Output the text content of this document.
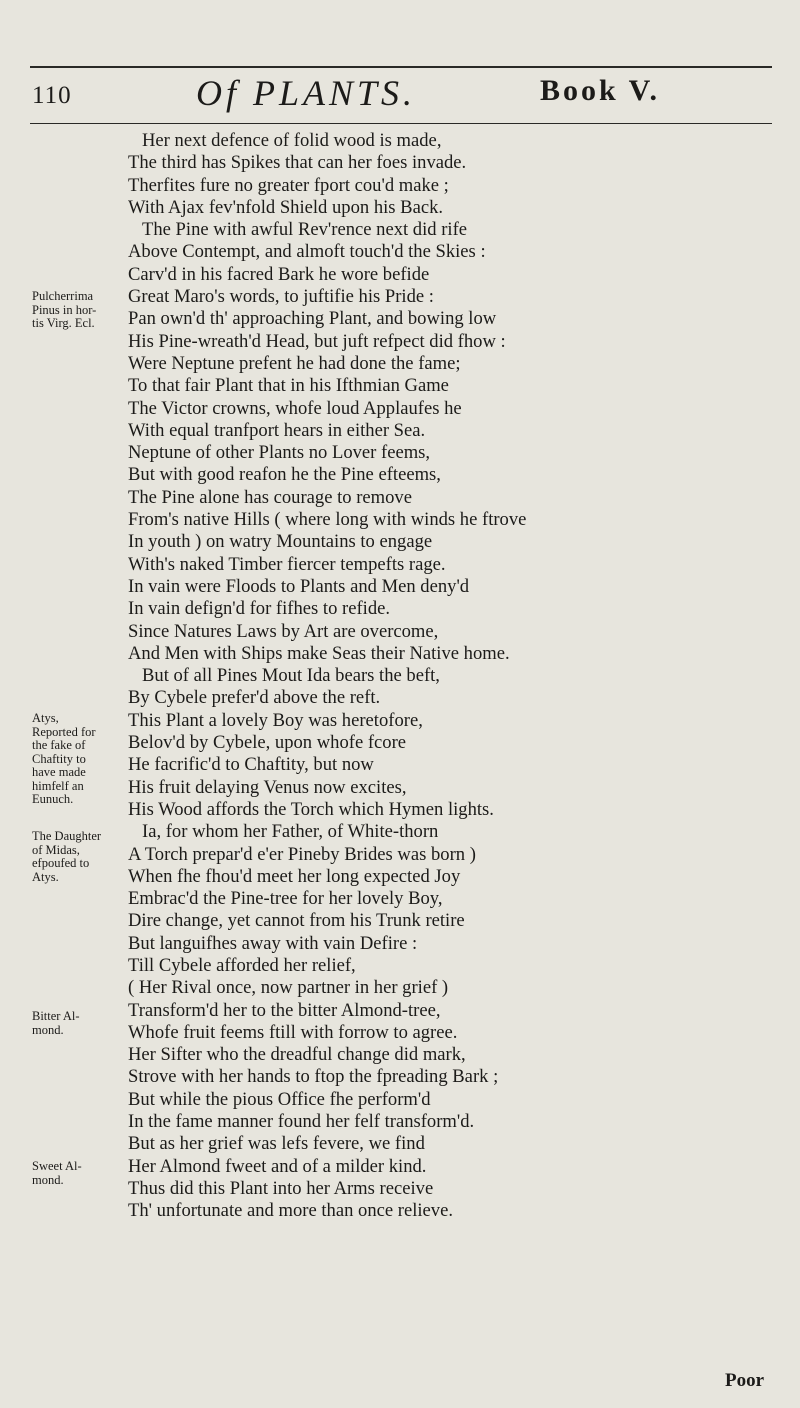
110	Of PLANTS.	Book V.
Her next defence of folid wood is made,
The third has Spikes that can her foes invade.
Therfites fure no greater fport cou'd make ;
With Ajax fev'nfold Shield upon his Back.
The Pine with awful Rev'rence next did rife
Above Contempt, and almoft touch'd the Skies :
Carv'd in his facred Bark he wore befide
Great Maro's words, to juftifie his Pride :
Pan own'd th' approaching Plant, and bowing low
His Pine-wreath'd Head, but juft refpect did fhow :
Were Neptune prefent he had done the fame;
To that fair Plant that in his Ifthmian Game
The Victor crowns, whofe loud Applaufes he
With equal tranfport hears in either Sea.
Neptune of other Plants no Lover feems,
But with good reafon he the Pine efteems,
The Pine alone has courage to remove
From's native Hills ( where long with winds he ftrove
In youth ) on watry Mountains to engage
With's naked Timber fiercer tempefts rage.
In vain were Floods to Plants and Men deny'd
In vain defign'd for fifhes to refide.
Since Natures Laws by Art are overcome,
And Men with Ships make Seas their Native home.
But of all Pines Mout Ida bears the beft,
By Cybele prefer'd above the reft.
This Plant a lovely Boy was heretofore,
Belov'd by Cybele, upon whofe fcore
He facrific'd to Chaftity, but now
His fruit delaying Venus now excites,
His Wood affords the Torch which Hymen lights.
Ia, for whom her Father, of White-thorn
A Torch prepar'd e'er Pineby Brides was born )
When fhe fhou'd meet her long expected Joy
Embrac'd the Pine-tree for her lovely Boy,
Dire change, yet cannot from his Trunk retire
But languifhes away with vain Defire :
Till Cybele afforded her relief,
( Her Rival once, now partner in her grief )
Transform'd her to the bitter Almond-tree,
Whofe fruit feems ftill with forrow to agree.
Her Sifter who the dreadful change did mark,
Strove with her hands to ftop the fpreading Bark ;
But while the pious Office fhe perform'd
In the fame manner found her felf transform'd.
But as her grief was lefs fevere, we find
Her Almond fweet and of a milder kind.
Thus did this Plant into her Arms receive
Th' unfortunate and more than once relieve.
Pulcherrima
Pinus in hor-
tis Virg. Ecl.
Atys,
Reported for
the fake of
Chaftity to
have made
himfelf an
Eunuch.
The Daughter
of Midas,
efpoufed to
Atys.
Bitter Al-
mond.
Sweet Al-
mond.
Poor
